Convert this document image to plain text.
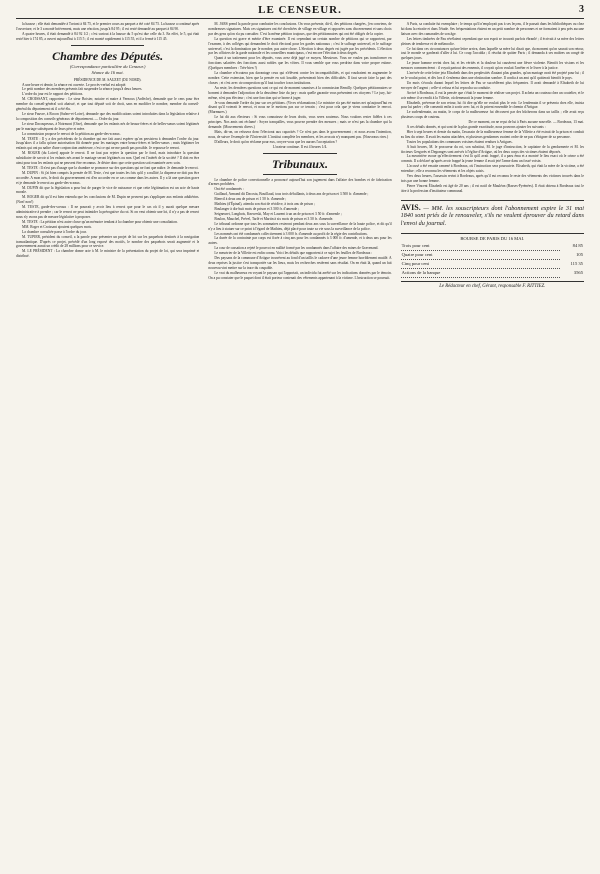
LE CENSEUR.	3

la hausse ; elle était demandée à Tortoni à 84 75, et le premier cours au parquet a été coté 84 75. La hausse a continué après l'ouverture, et le 3 a monté brièvement, mais une réaction, jusqu'à 84 95 ; il est resté demandé au parquet à 84 90.

A quatre heures, il était demandé à 84 92 1/2 ; c'est surtout à la hausse du 5 qu'est due celle du 3. En effet, le 5, qui était resté hier à 174 85, a ouvert aujourd'hui à 115 5 ; il est monté rapidement à 115 55, et il a fermé à 115 45.

Chambre des Députés.
(Correspondance particulière du Censeur.)
Séance du 16 mai.

PRÉSIDENCE DE M. SAUZET (DU NORD).

A une heure et demie, la séance est ouverte. Le procès-verbal est adopté.

Le petit nombre des membres présents fait suspendre la séance jusqu'à deux heures.

L'ordre du jour est le rapport des pétitions.

M. CROISSANT, rapporteur : Le sieur Boisier, notaire et maire à Vernoux (Ardèche), demande que le cens pour être membre du conseil-général soit abaissé, et que tout député soit de droit, sans en modifier le nombre, membre du conseil-général du département où il a été élu.

Le sieur Fauvre, à Rocon (Saône-et-Loire), demande que des modifications soient introduites dans la législation relative à la composition des conseils-généraux de département. — Ordre du jour.

Le sieur Dacoupessus, à Noirmont (Oise), demande que les enfants nés de beaux-frères et de belles-sœurs soient légitimés par le mariage subséquent de leurs père et mère.

La commission propose le renvoi de la pétition au garde-des-sceaux.

M. TESTE : Il y a des précédents de la chambre qui me fait aussi espérer qu'on persistera à demander l'ordre du jour. Jusqu'alors il a fallu qu'une autorisation fût donnée pour les mariages entre beaux-frères et belles-sœurs ; mais légitimer les enfants qui ont pu naître d'une conjonction antérieure, c'est ce qui ne me paraît pas possible. Je repousse le renvoi.

M. ROGER (du Loiret) appuie le renvoi. Il ne faut pas rejeter la question par le fond, mais introduire la question subsidiaire de savoir si les enfants nés avant le mariage seront légitimés ou non. Quel est l'intérêt de la société ? Il doit en être ainsi pour tous les enfants qui ne peuvent être reconnus. Je désire donc que cette question soit examinée avec soin.

M. TESTE : Il n'est pas d'usage que la chambre se prononce sur des questions qui ne font que naître. Je demande le renvoi.

M. DUPIN : Si j'ai bien compris la pensée de M. Teste, c'est que toutes les fois qu'il y a nullité, la dispense ne doit pas être accordée. A mon avis, le droit du gouvernement est d'en accorder en ce cas comme dans les autres. Il y a là une question grave et je demande le renvoi au garde-des-sceaux.

M. DUPIN dit que la législation a pour but de purger le vice de naissance et que cette légitimation est un acte de haute morale.

M. ROGER dit qu'il est bien entendu que les conclusions de M. Dupin ne peuvent pas s'appliquer aux enfants adultérins. (Non! non!)

M. TESTE, garde-des-sceaux : Il ne pourrait y avoir lieu à renvoi que pour le cas où il y aurait quelque mesure administrative à prendre ; car le renvoi ne peut intimider la prérogative du roi. Si on veut obtenir une loi, il n'y a pas de renvoi nous n'y avons pas de mesure législative à proposer.

M. TESTE : La pétition n'est autre chose qu'un mémoire tendant à la chambre pour obtenir une consultation.

MM. Roger et Croissant ajoutent quelques mots.

La chambre consultée passe à l'ordre du jour.

M. TUPIER, président du conseil, a la parole pour présenter un projet de loi sur les paquebots destinés à la navigation transatlantique. D'après ce projet, précédé d'un long exposé des motifs, le nombre des paquebots serait augmenté et le gouvernement aurait un crédit de 28 millions pour ce service.

M. LE PRÉSIDENT : La chambre donne acte à M. le ministre de la présentation du projet de loi, qui sera imprimé et distribué.

M. JARS prend la parole pour combattre les conclusions. On vous présente, dit-il, des pétitions chargées, j'en conviens, de nombreuses signatures. Mais ces signatures ont été cherchées de village en village et opposées sans discernement et sans choix par des gens qu'on n'a pu consulter. C'est la même pétition toujours, que des pétitionnaires qui ont été obligés de la copier.

La question est grave et mérite d'être examinée. Il est cependant un certain nombre de pétitions qui se rapportent, par l'examen, à des colléges qui demandent le droit électoral pour les gardes nationaux ; c'est le suffrage universel, et le suffrage universel, c'est la domination par le nombre, pas autre chose. L'élection à deux degrés est jugée par les précédents. L'élection par les officiers de la garde nationale et les conseillers municipaux, c'est encore l'élection à deux degrés.

Quant à un traitement pour les députés, vous avez déjà jugé ce moyen, Messieurs. Vous ne voulez pas transformer en fonctions salariées des fonctions aussi nobles que les vôtres. Il vous semble que vous perdriez dans votre propre estime. (Quelques membres : Très-bien !)

La chambre n'écoutera pas davantage ceux qui n'élèvent contre les incompatibilités, et qui voudraient en augmenter le nombre. Cette extension, bien que la pensée en soit louable, présenterait bien des difficultés. Il faut savoir faire la part des choses ; et c'est avec circonspection qu'il faut toucher à nos institutions.

Au reste, les dernières questions sont ce qui est de moment soumises à la commission Remilly. Quelques pétitionnaires se bornent à demander l'adjonction de la deuxième liste du jury : mais quelle garantie vous présentent ces citoyens ? Le jury, lui-même, n'est pas électeur ; c'est une fonction qui se borne à juger.

Je vous demande l'ordre du jour sur ces pétitions. (Vives réclamations.) Le ministre n'a pas été moins net qu'aujourd'hui en disant qu'il voterait le renvoi, et nous ne le mettons pas sur ce terrain ; c'est pour cela que je viens combattre le renvoi. (Murmures.)

Le lui dit aux électeurs : Si vous connaissez de leurs droits, vous serez soutenus. Nous voulons rester fidèles à ces principes. Nos amis ont réclamé : Soyez tranquilles, vous pouvez prendre des mesures ; mais ce n'est pas la chambre qui la demande. (Mouvements divers.)

Mais, dit-on, on refusera donc l'électorat aux capacités ? Ce n'est pas dans le gouvernement ; et nous avons l'intention, nous, de suivre l'exemple de l'Université. L'institut complète les membres, et les avocats n'y manquent pas. (Nouveaux rires.)

D'ailleurs, le droit qu'on réclame pour eux, croyez-vous que les aurons l'acceptation ?

L'orateur continue. Il est 4 heures 1/4.

Tribunaux.

Le chambre de police correctionnelle a prononcé aujourd'hui son jugement dans l'affaire des bombes et de fabrication d'armes prohibées.

Ont été condamnés :

Guillaud, Armand dit Dacosta, Bouillaud, tous trois défaillants, à deux ans de prison et 3 500 fr. d'amende ;

Bienvil à deux ans de prison et 1 50 fr. d'amende ;

Mathieu (d'Épinal), attendu son état de récidive, à trois ans de prison ;

Boulanger à dix-huit mois de prison et 3 500 fr. d'amende ;

Seigneuret, Longbois, Kneweski, May et Laurent à un an de prison et 3 50 fr. d'amende ;

Boulon, Mauchel, Prével, Tarlé et Martin à six mois de prison et 3 50 fr. d'amende.

Le tribunal ordonne que tous les sommaires resteront pendant deux ans sous la surveillance de la haute police, et dit qu'il n'y a lieu à statuer sur ce point à l'égard de Mathieu, déjà placé pour toute sa vie sous la surveillance de la police.

Les nommés ont été condamnés collectivement à 3 000 fr. d'amende au profit de la régie des contributions.

La durée de la contrainte par corps est fixée à cinq ans pour les condamnés à 3 000 fr. d'amende, et à deux ans pour les autres.

La cour de cassation a rejeté le pourvoi en nullité formé par les condamnés dans l'affaire des mines de Gravenand.

Le meurtrier de la Villette est enfin connu. Voici les détails que rapportent à ce sujet les feuilles de Bordeaux :

Des paysans de la commune d'Artigue trouvèrent au fond d'un taillis le cadavre d'une jeune femme horriblement mutilé. A deux reprises la justice s'est transportée sur les lieux, mais les recherches restèrent sans résultat. On en était là, quand un fait nouveau vint mettre sur la trace du coupable.

Le vrai du malheureux en voyant le paysan qui l'apportait, un individu fut arrêté sur les indications données par le témoin. On a pu constater que le paquet dont il était porteur contenait des vêtements appartenant à la victime. L'instruction se poursuit.

A Paris, sa conduite fut exemplaire ; le temps qu'il n'employait pas à ses leçons, il le passait dans les bibliothèques ou chez lui dans la retraite et dans l'étude. Ses fréquentations étaient en un petit nombre de personnes et ne formaient à peu près aucune liaison avec des camarades de son âge.

Les lettres timbrées de Pau révélaient cependant que son esprit se trouvait parfois ébranlé ; il écrivait à sa mère des lettres pleines de tendresse et de mélancolie.

Ce fut dans ces circonstances qu'une lettre arriva, dans laquelle sa mère lui disait que, du moment qu'on saurait son retour, tout le monde se garderait d'aller à lui. Ce coup l'accabla ; il résolut de quitter Paris ; il demanda à ses maîtres un congé de quelques jours.

Le jeune homme revint chez lui, et les vérités et la douleur lui causèrent une fièvre violente. Bientôt les visions et les menaces commencèrent : il voyait partout des ennemis, il croyait qu'on voulait l'arrêter et le livrer à la justice.

L'arrivée de cette lettre jeta Elisabeth dans des perplexités d'autant plus grandes, qu'un mariage avait été projeté pour lui ; il ne le voulut point, et dès lors il s'enferma dans une obstination sombre. Il confia à un ami qu'il quitterait bientôt le pays.

Un mois s'écoula durant lequel les lettres de Pau se succédèrent plus fréquentes. Il avait demandé à Elisabeth de lui envoyer de l'argent ; celle-ci refusa et lui reprocha sa conduite.

Arrivé à Bordeaux, il eut la pensée que c'était le moment de réaliser son projet. Il acheta un couteau chez un coutelier, et le soir même il se rendit à la Villette, où demeurait la jeune femme.

Elisabeth, prévenue de son retour, lui fit dire qu'elle ne voulait plus le voir. Le lendemain il se présenta chez elle, insista pour lui parler ; elle consentit enfin à sortir avec lui, et ils prirent ensemble le chemin d'Artigue.

Le surlendemain, au matin, le corps de la malheureuse fut découvert par des bûcherons dans un taillis ; elle avait reçu plusieurs coups de couteau.

De ce moment, on ne reçut de lui à Paris aucune nouvelle. — Bordeaux, 13 mai.

A ces détails donnés, et qui sont de la plus grande exactitude, nous pouvons ajouter les suivants :

Hier à sept heures et demie du matin, l'assassin de la malheureuse femme de la Villette a été extrait de la prison et conduit au lieu du crime. Il avait les mains attachées, et plusieurs gendarmes avaient ordre de ne pas s'éloigner de sa personne.

Toutes les populations des communes voisines étaient rendues à Artigues.

A huit heures, M. le procureur du roi, son substitut, M. le juge d'instruction, le capitaine de la gendarmerie et M. les docteurs Gergorès et Degranges sont arrivés à l'église d'Artigue, où les deux corps des victimes étaient déposés.

La meurtrière avoue qu'effectivement c'est là qu'il avait frappé, il a paru ému et a montré le lieu exact où le crime a été commis. Il a déclaré qu'après avoir frappé la jeune femme il avait jeté l'arme dans un fossé voisin.

L'accusé a été ensuite ramené à Bordeaux, où l'instruction sera poursuivie. Elisabeth, qui était la mère de la victime, a été entendue ; elle a reconnu les vêtements et les objets saisis.

Vers deux heures, l'assassin revint à Bordeaux, après qu'il eut reconnu le reste des vêtements des victimes trouvés dans le bois par une bonne femme.

Pierre Vincent Élisabeth est âgé de 20 ans ; il est natif de Mauléon (Basses-Pyrénées). Il était obtenu à Bordeaux tout le titre à la profession d'instituteur communal.

AVIS. — MM. les souscripteurs dont l'abonnement expire le 31 mai 1840 sont priés de le renouveler, s'ils ne veulent éprouver du retard dans l'envoi du journal.
BOURSE DE PARIS DU 16 MAI.
Trois pour cent	84 85
Quatre pour cent	105
Cinq pour cent	115 35
Actions de la banque	3565
Le Rédacteur en chef, Gérant, responsable F. RITTIEZ.
